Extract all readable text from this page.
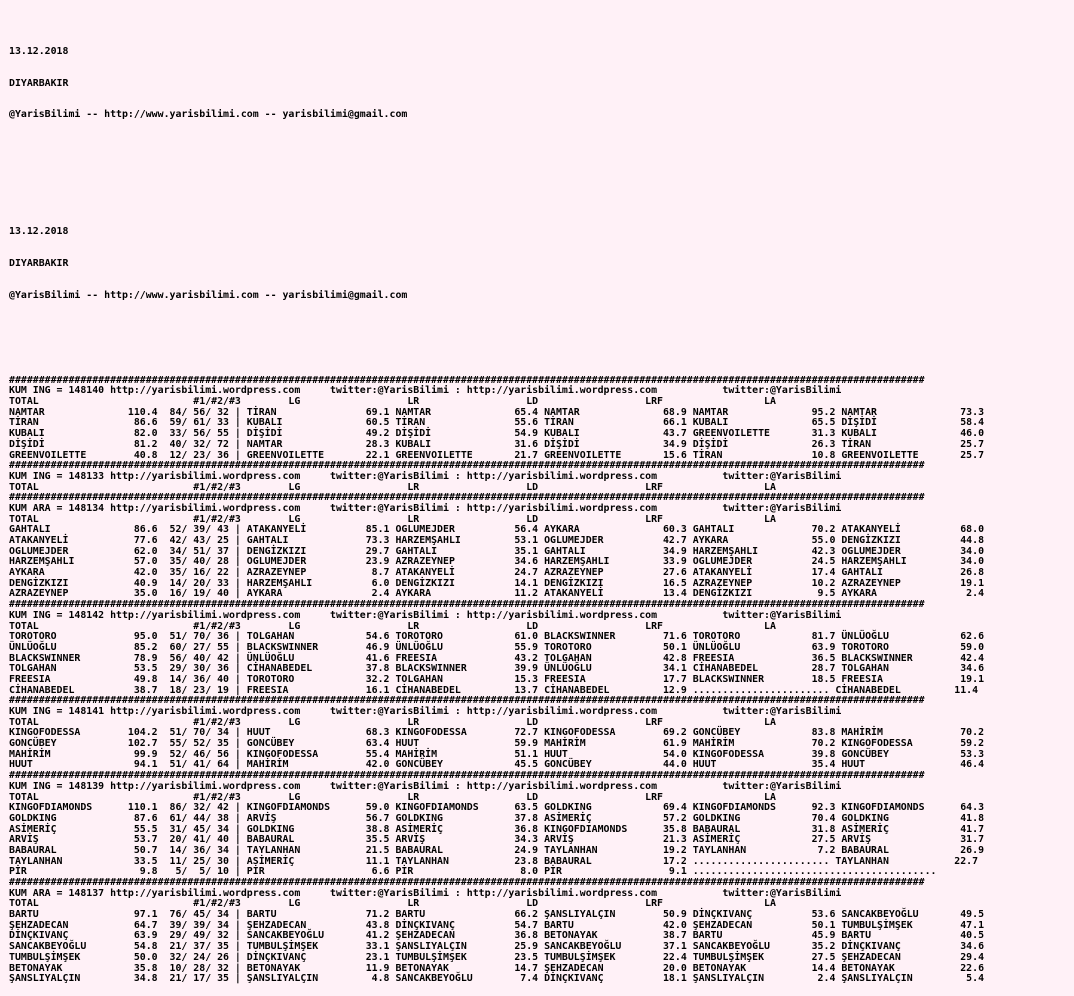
13.12.2018

DIYARBAKIR

@YarisBilimi -- http://www.yarisbilimi.com -- yarisbilimi@gmail.com

13.12.2018

DIYARBAKIR

@YarisBilimi -- http://www.yarisbilimi.com -- yarisbilimi@gmail.com

##########################################################################################################################################################
KUM ING = 148140 http://yarisbilimi.wordpress.com     twitter:@YarisBilimi : http://yarisbilimi.wordpress.com           twitter:@YarisBilimi
TOTAL                          #1/#2/#3        LG                  LR                  LD                  LRF                 LA
NAMTAR              110.4  84/ 56/ 32 | TİRAN               69.1 NAMTAR              65.4 NAMTAR              68.9 NAMTAR              95.2 NAMTAR              73.3
TİRAN                86.6  59/ 61/ 33 | KUBALI              60.5 TİRAN               55.6 TİRAN               66.1 KUBALI              65.5 DİŞİDİ              58.4
KUBALI               82.0  33/ 56/ 55 | DİŞİDİ              49.2 DİŞİDİ              54.9 KUBALI              43.7 GREENVOILETTE       31.3 KUBALI              46.0
DİŞİDİ               81.2  40/ 32/ 72 | NAMTAR              28.3 KUBALI              31.6 DİŞİDİ              34.9 DİŞİDİ              26.3 TİRAN               25.7
GREENVOILETTE        40.8  12/ 23/ 36 | GREENVOILETTE       22.1 GREENVOILETTE       21.7 GREENVOILETTE       15.6 TİRAN               10.8 GREENVOILETTE       25.7
##########################################################################################################################################################
KUM ING = 148133 http://yarisbilimi.wordpress.com     twitter:@YarisBilimi : http://yarisbilimi.wordpress.com           twitter:@YarisBilimi
TOTAL                          #1/#2/#3        LG                  LR                  LD                  LRF                 LA
##########################################################################################################################################################
KUM ARA = 148134 http://yarisbilimi.wordpress.com     twitter:@YarisBilimi : http://yarisbilimi.wordpress.com           twitter:@YarisBilimi
TOTAL                          #1/#2/#3        LG                  LR                  LD                  LRF                 LA
GAHTALI              86.6  52/ 39/ 43 | ATAKANYELİ          85.1 OGLUMEJDER          56.4 AYKARA              60.3 GAHTALI             70.2 ATAKANYELİ          68.0
ATAKANYELİ           77.6  42/ 43/ 25 | GAHTALI             73.3 HARZEMŞAHLI         53.1 OGLUMEJDER          42.7 AYKARA              55.0 DENGİZKIZI          44.8
OGLUMEJDER           62.0  34/ 51/ 37 | DENGİZKIZI          29.7 GAHTALI             35.1 GAHTALI             34.9 HARZEMŞAHLI         42.3 OGLUMEJDER          34.0
HARZEMŞAHLI          57.0  35/ 40/ 28 | OGLUMEJDER          23.9 AZRAZEYNEP          34.6 HARZEMŞAHLI         33.9 OGLUMEJDER          24.5 HARZEMŞAHLI         34.0
AYKARA               42.0  35/ 16/ 22 | AZRAZEYNEP           8.7 ATAKANYELİ          24.7 AZRAZEYNEP          27.6 ATAKANYELİ          17.4 GAHTALI             26.8
DENGİZKIZI           40.9  14/ 20/ 33 | HARZEMŞAHLI          6.0 DENGİZKIZI          14.1 DENGİZKIZI          16.5 AZRAZEYNEP          10.2 AZRAZEYNEP          19.1
AZRAZEYNEP           35.0  16/ 19/ 40 | AYKARA               2.4 AYKARA              11.2 ATAKANYELİ          13.4 DENGİZKIZI           9.5 AYKARA               2.4
##########################################################################################################################################################
KUM ING = 148142 http://yarisbilimi.wordpress.com     twitter:@YarisBilimi : http://yarisbilimi.wordpress.com           twitter:@YarisBilimi
TOTAL                          #1/#2/#3        LG                  LR                  LD                  LRF                 LA
TOROTORO             95.0  51/ 70/ 36 | TOLGAHAN            54.6 TOROTORO            61.0 BLACKSWINNER        71.6 TOROTORO            81.7 ÜNLÜOĞLU            62.6
ÜNLÜOĞLU             85.2  60/ 27/ 55 | BLACKSWINNER        46.9 ÜNLÜOĞLU            55.9 TOROTORO            50.1 ÜNLÜOĞLU            63.9 TOROTORO            59.0
BLACKSWINNER         78.9  56/ 40/ 42 | ÜNLÜOĞLU            41.6 FREESIA             43.2 TOLGAHAN            42.8 FREESIA             36.5 BLACKSWINNER        42.4
TOLGAHAN             53.5  29/ 30/ 36 | CİHANABEDEL         37.8 BLACKSWINNER        39.9 ÜNLÜOĞLU            34.1 CİHANABEDEL         28.7 TOLGAHAN            34.6
FREESIA              49.8  14/ 36/ 40 | TOROTORO            32.2 TOLGAHAN            15.3 FREESIA             17.7 BLACKSWINNER        18.5 FREESIA             19.1
CİHANABEDEL          38.7  18/ 23/ 19 | FREESIA             16.1 CİHANABEDEL         13.7 CİHANABEDEL         12.9 ....................... CİHANABEDEL         11.4
##########################################################################################################################################################
KUM ING = 148141 http://yarisbilimi.wordpress.com     twitter:@YarisBilimi : http://yarisbilimi.wordpress.com           twitter:@YarisBilimi
TOTAL                          #1/#2/#3        LG                  LR                  LD                  LRF                 LA
KINGOFODESSA        104.2  51/ 70/ 34 | HUUT                68.3 KINGOFODESSA        72.7 KINGOFODESSA        69.2 GONCÜBEY            83.8 MAHİRİM             70.2
GONCÜBEY            102.7  55/ 52/ 35 | GONCÜBEY            63.4 HUUT                59.9 MAHİRİM             61.9 MAHİRİM             70.2 KINGOFODESSA        59.2
MAHİRİM              99.9  52/ 46/ 56 | KINGOFODESSA        55.4 MAHİRİM             51.1 HUUT                54.0 KINGOFODESSA        39.8 GONCÜBEY            53.3
HUUT                 94.1  51/ 41/ 64 | MAHİRİM             42.0 GONCÜBEY            45.5 GONCÜBEY            44.0 HUUT                35.4 HUUT                46.4
##########################################################################################################################################################
KUM ING = 148139 http://yarisbilimi.wordpress.com     twitter:@YarisBilimi : http://yarisbilimi.wordpress.com           twitter:@YarisBilimi
TOTAL                          #1/#2/#3        LG                  LR                  LD                  LRF                 LA
KINGOFDIAMONDS      110.1  86/ 32/ 42 | KINGOFDIAMONDS      59.0 KINGOFDIAMONDS      63.5 GOLDKING            69.4 KINGOFDIAMONDS      92.3 KINGOFDIAMONDS      64.3
GOLDKING             87.6  61/ 44/ 38 | ARVİŞ               56.7 GOLDKING            37.8 ASİMERİÇ            57.2 GOLDKING            70.4 GOLDKING            41.8
ASİMERİÇ             55.5  31/ 45/ 34 | GOLDKING            38.8 ASİMERİÇ            36.8 KINGOFDIAMONDS      35.8 BABAURAL            31.8 ASİMERİÇ            41.7
ARVİŞ                53.7  20/ 41/ 40 | BABAURAL            35.5 ARVİŞ               34.3 ARVİŞ               21.3 ASİMERİÇ            27.5 ARVİŞ               31.7
BABAURAL             50.7  14/ 36/ 34 | TAYLANHAN           21.5 BABAURAL            24.9 TAYLANHAN           19.2 TAYLANHAN            7.2 BABAURAL            26.9
TAYLANHAN            33.5  11/ 25/ 30 | ASİMERİÇ            11.1 TAYLANHAN           23.8 BABAURAL            17.2 ....................... TAYLANHAN           22.7
PİR                   9.8   5/  5/ 10 | PİR                  6.6 PİR                  8.0 PİR                  9.1 .........................................
##########################################################################################################################################################
KUM ARA = 148137 http://yarisbilimi.wordpress.com     twitter:@YarisBilimi : http://yarisbilimi.wordpress.com           twitter:@YarisBilimi
TOTAL                          #1/#2/#3        LG                  LR                  LD                  LRF                 LA
BARTU                97.1  76/ 45/ 34 | BARTU               71.2 BARTU               66.2 ŞANSLIYALÇIN        50.9 DİNÇKIVANÇ          53.6 SANCAKBEYOĞLU       49.5
ŞEHZADECAN           64.7  39/ 39/ 34 | ŞEHZADECAN          43.8 DİNÇKIVANÇ          54.7 BARTU               42.0 ŞEHZADECAN          50.1 TUMBULŞİMŞEK        47.1
DİNÇKIVANÇ           63.9  29/ 49/ 32 | SANCAKBEYOĞLU       41.2 ŞEHZADECAN          36.8 BETONAYAK           38.7 BARTU               45.9 BARTU               40.5
SANCAKBEYOĞLU        54.8  21/ 37/ 35 | TUMBULŞİMŞEK        33.1 ŞANSLIYALÇIN        25.9 SANCAKBEYOĞLU       37.1 SANCAKBEYOĞLU       35.2 DİNÇKIVANÇ          34.6
TUMBULŞİMŞEK         50.0  32/ 24/ 26 | DİNÇKIVANÇ          23.1 TUMBULŞİMŞEK        23.5 TUMBULŞİMŞEK        22.4 TUMBULŞİMŞEK        27.5 ŞEHZADECAN          29.4
BETONAYAK            35.8  10/ 28/ 32 | BETONAYAK           11.9 BETONAYAK           14.7 ŞEHZADECAN          20.0 BETONAYAK           14.4 BETONAYAK           22.6
ŞANSLIYALÇIN         34.8  21/ 17/ 35 | ŞANSLIYALÇIN         4.8 SANCAKBEYOĞLU        7.4 DİNÇKIVANÇ          18.1 ŞANSLIYALÇIN         2.4 ŞANSLIYALÇIN         5.4
